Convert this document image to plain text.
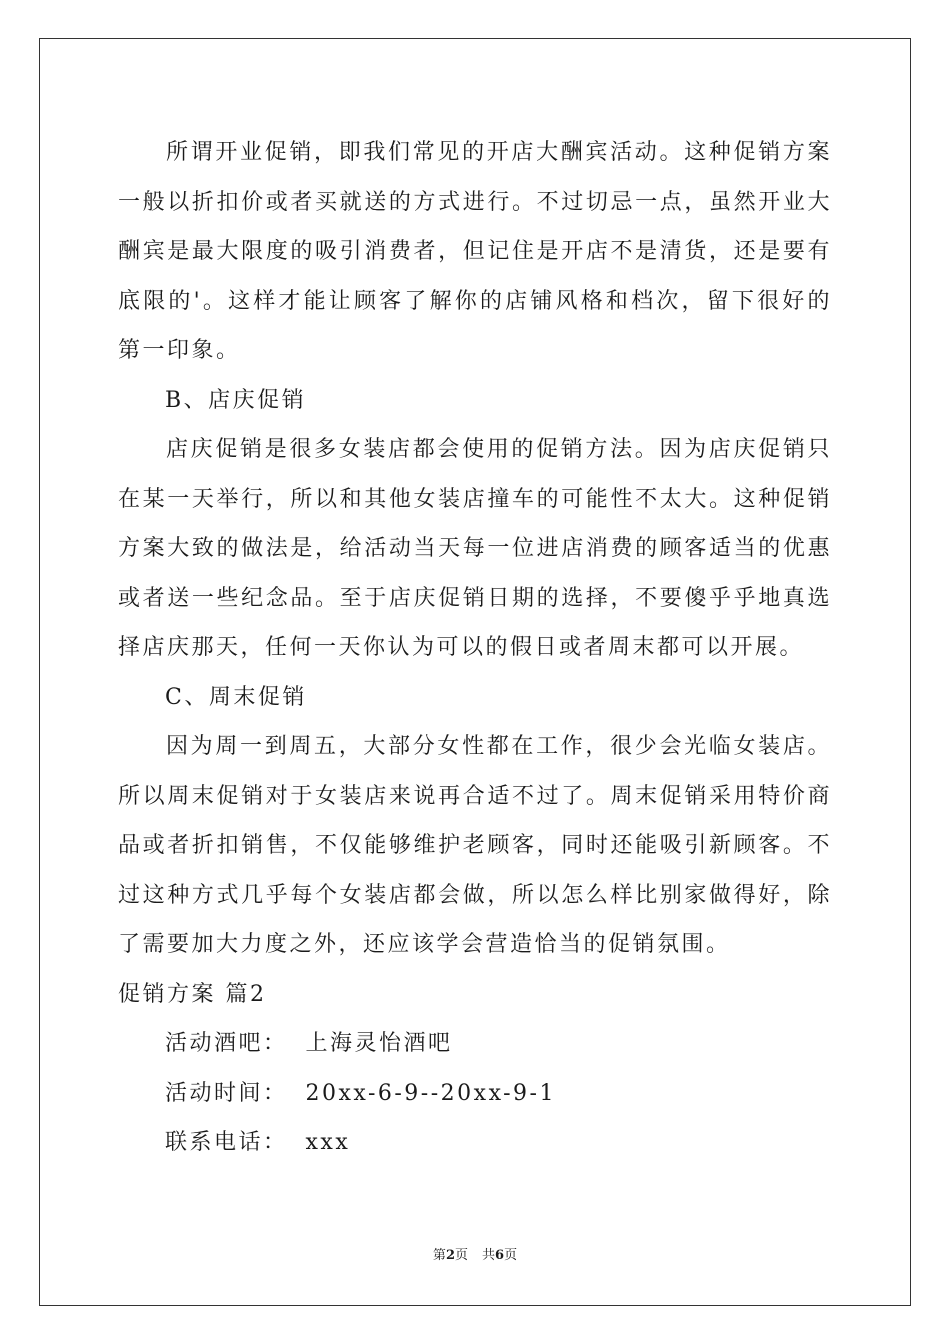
所谓开业促销，即我们常见的开店大酬宾活动。这种促销方案一般以折扣价或者买就送的方式进行。不过切忌一点，虽然开业大酬宾是最大限度的吸引消费者，但记住是开店不是清货，还是要有底限的'。这样才能让顾客了解你的店铺风格和档次，留下很好的第一印象。

B、店庆促销

店庆促销是很多女装店都会使用的促销方法。因为店庆促销只在某一天举行，所以和其他女装店撞车的可能性不太大。这种促销方案大致的做法是，给活动当天每一位进店消费的顾客适当的优惠或者送一些纪念品。至于店庆促销日期的选择，不要傻乎乎地真选择店庆那天，任何一天你认为可以的假日或者周末都可以开展。

C、周末促销

因为周一到周五，大部分女性都在工作，很少会光临女装店。所以周末促销对于女装店来说再合适不过了。周末促销采用特价商品或者折扣销售，不仅能够维护老顾客，同时还能吸引新顾客。不过这种方式几乎每个女装店都会做，所以怎么样比别家做得好，除了需要加大力度之外，还应该学会营造恰当的促销氛围。

促销方案 篇2

活动酒吧： 上海灵怡酒吧

活动时间： 20xx-6-9--20xx-9-1

联系电话： xxx

第2页 共6页
